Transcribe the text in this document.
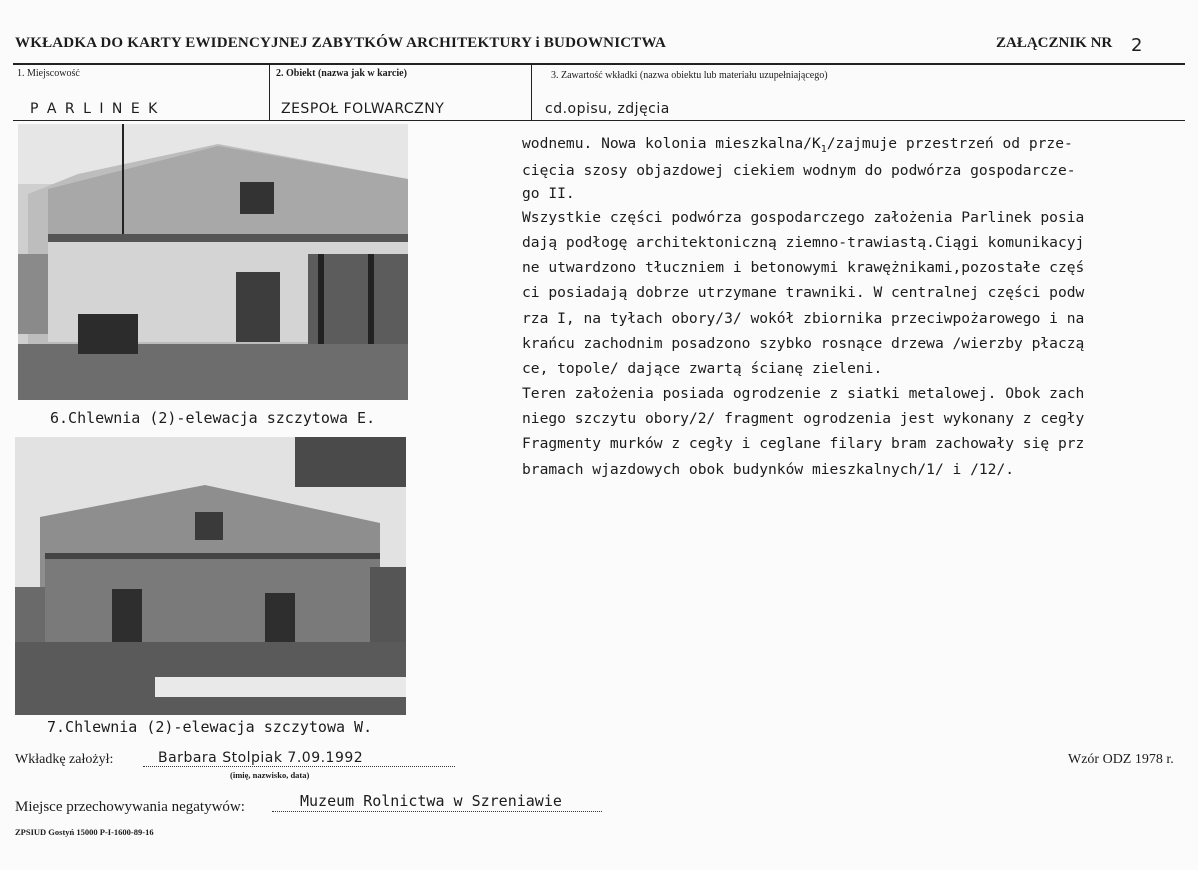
WKŁADKA DO KARTY EWIDENCYJNEJ ZABYTKÓW ARCHITEKTURY i BUDOWNICTWA	ZAŁĄCZNIK NR 2
1. Miejscowość	2. Obiekt (nazwa jak w karcie)	3. Zawartość wkładki (nazwa obiektu lub materiału uzupełniającego)
P A R L I N E K	ZESPOŁ FOLWARCZNY	cd.opisu, zdjęcia
6.Chlewnia (2)-elewacja szczytowa E.
7.Chlewnia (2)-elewacja szczytowa W.
wodnemu. Nowa kolonia mieszkalna/$K_1$/zajmuje przestrzeń od prze-
cięcia szosy objazdowej ciekiem wodnym do podwórza gospodarcze-
go II.
Wszystkie części podwórza gospodarczego założenia Parlinek posia
dają podłogę architektoniczną ziemno-trawiastą.Ciągi komunikacyj
ne utwardzono tłuczniem i betonowymi krawężnikami,pozostałe częś
ci posiadają dobrze utrzymane trawniki. W centralnej części podw
rza I, na tyłach obory/3/ wokół zbiornika przeciwpożarowego i na
krańcu zachodnim posadzono szybko rosnące drzewa /wierzby płaczą
ce, topole/ dające zwartą ścianę zieleni.
Teren założenia posiada ogrodzenie z siatki metalowej. Obok zach
niego szczytu obory/2/ fragment ogrodzenia jest wykonany z cegły
Fragmenty murków z cegły i ceglane filary bram zachowały się prz
bramach wjazdowych obok budynków mieszkalnych/1/ i /12/.
Wkładkę założył:	Barbara Stolpiak 7.09.1992
(imię, nazwisko, data)
Wzór ODZ 1978 r.
Miejsce przechowywania negatywów:	Muzeum Rolnictwa w Szreniawie
ZPSIUD Gostyń 15000 P-I-1600-89-16
